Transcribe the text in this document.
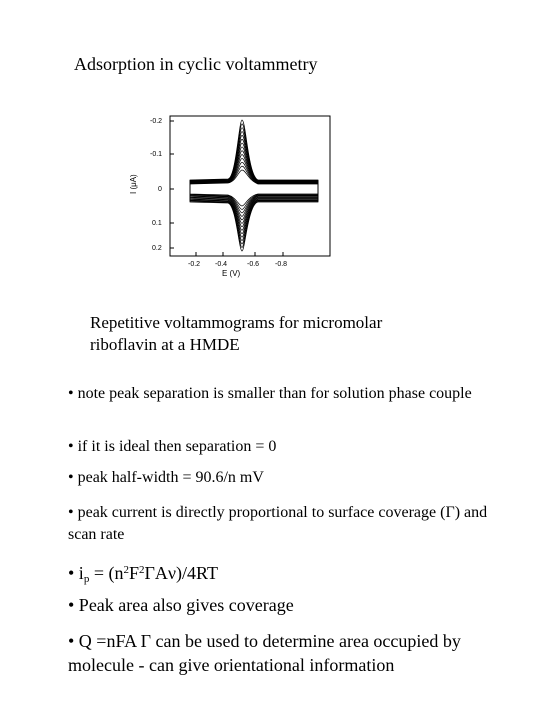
Adsorption in cyclic voltammetry
-0.2
-0.1
0
0.1
0.2
I (μA)
-0.2 -0.4	-0.6 -0.8
E (V)
Repetitive voltammograms for micromolar riboflavin at a HMDE
• note peak separation is smaller than for solution phase couple
• if it is ideal then separation = 0
• peak half-width = 90.6/n mV
• peak current is directly proportional to surface coverage (Γ) and scan rate
• $i_p = (n^2F^2\Gamma A\nu)/4RT$
• Peak area also gives coverage
• Q =nFA Γ can be used to determine area occupied by molecule - can give orientational information
